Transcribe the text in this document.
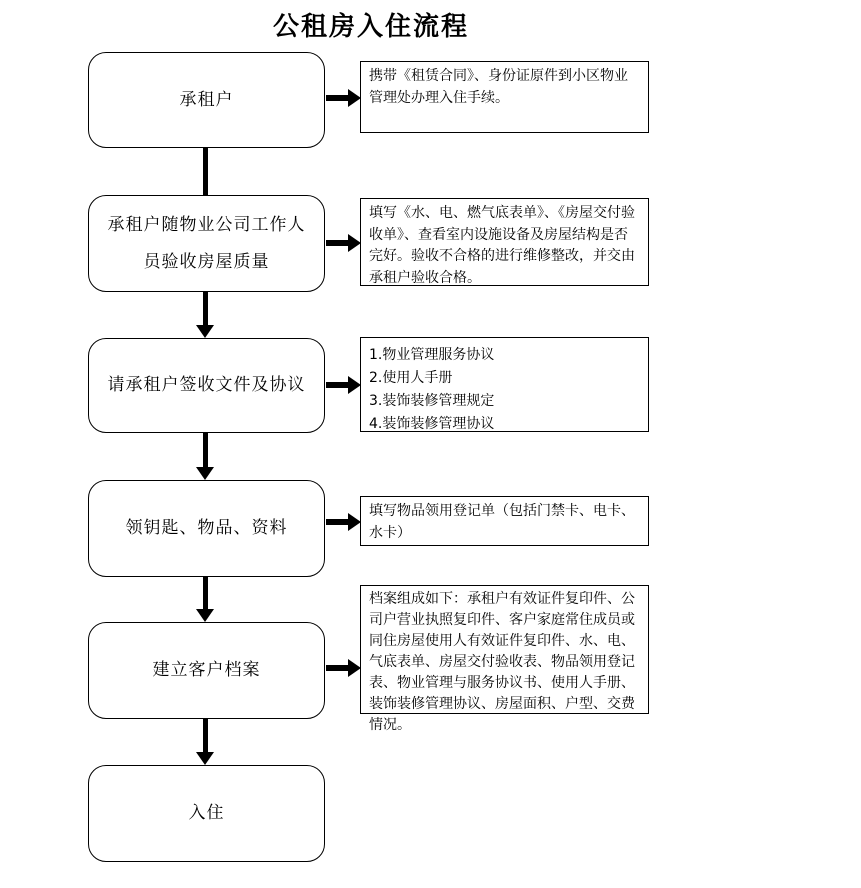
公租房入住流程
承租户
携带《租赁合同》、身份证原件到小区物业管理处办理入住手续。
承租户随物业公司工作人员验收房屋质量
填写《水、电、燃气底表单》、《房屋交付验收单》、查看室内设施设备及房屋结构是否完好。验收不合格的进行维修整改，并交由承租户验收合格。
请承租户签收文件及协议
1.物业管理服务协议
2.使用人手册
3.装饰装修管理规定
4.装饰装修管理协议
领钥匙、物品、资料
填写物品领用登记单（包括门禁卡、电卡、水卡）
建立客户档案
档案组成如下：承租户有效证件复印件、公司户营业执照复印件、客户家庭常住成员或同住房屋使用人有效证件复印件、水、电、气底表单、房屋交付验收表、物品领用登记表、物业管理与服务协议书、使用人手册、装饰装修管理协议、房屋面积、户型、交费情况。
入住
